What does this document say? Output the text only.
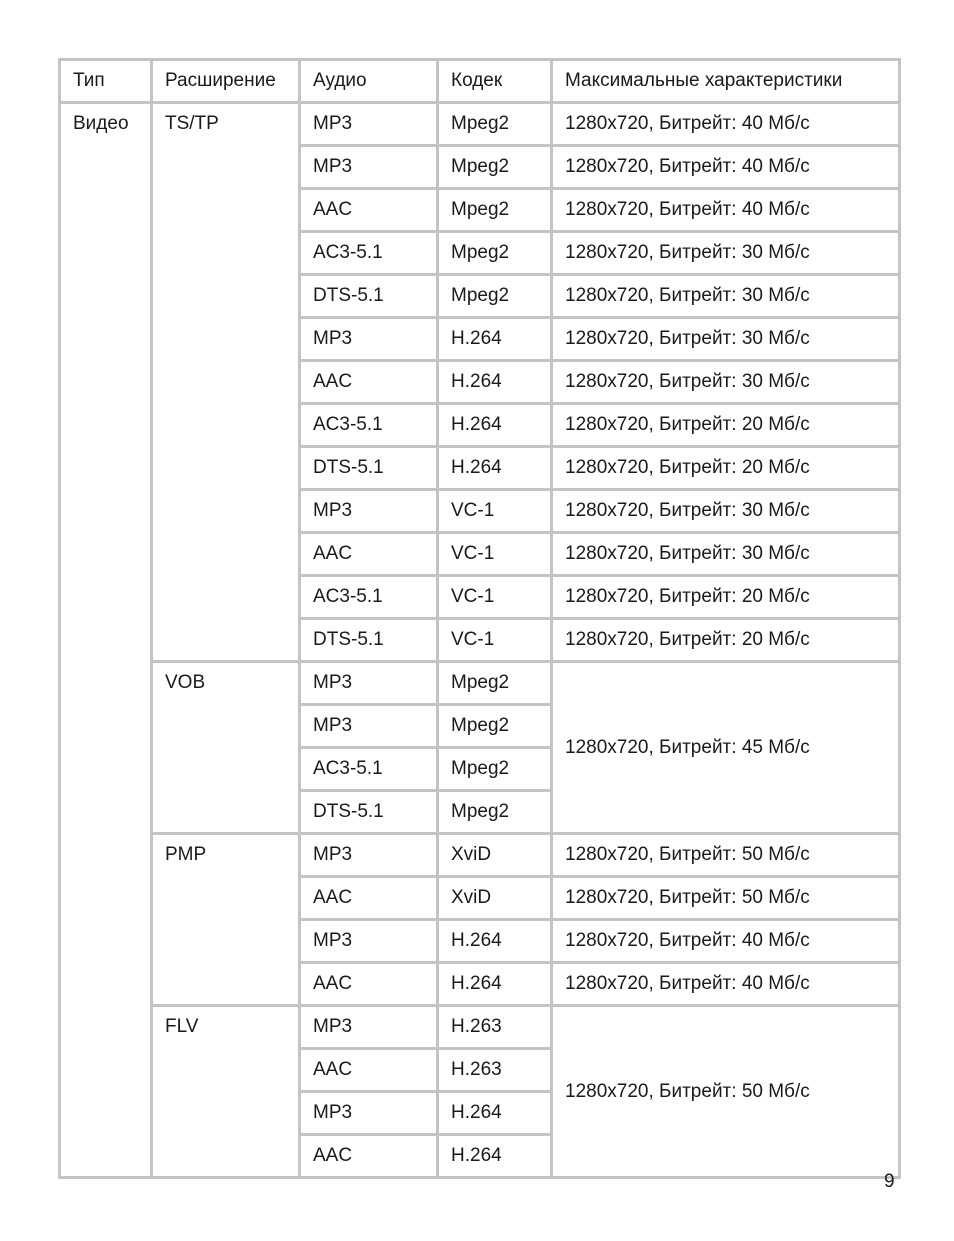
Тип	Расширение	Аудио	Кодек	Максимальные характеристики
Видео	TS/TP	MP3	Mpeg2	1280x720, Битрейт: 40 Мб/с
		MP3	Mpeg2	1280x720, Битрейт: 40 Мб/с
		AAC	Mpeg2	1280x720, Битрейт: 40 Мб/с
		AC3-5.1	Mpeg2	1280x720, Битрейт: 30 Мб/с
		DTS-5.1	Mpeg2	1280x720, Битрейт: 30 Мб/с
		MP3	H.264	1280x720, Битрейт: 30 Мб/с
		AAC	H.264	1280x720, Битрейт: 30 Мб/с
		AC3-5.1	H.264	1280x720, Битрейт: 20 Мб/с
		DTS-5.1	H.264	1280x720, Битрейт: 20 Мб/с
		MP3	VC-1	1280x720, Битрейт: 30 Мб/с
		AAC	VC-1	1280x720, Битрейт: 30 Мб/с
		AC3-5.1	VC-1	1280x720, Битрейт: 20 Мб/с
		DTS-5.1	VC-1	1280x720, Битрейт: 20 Мб/с
	VOB	MP3	Mpeg2	1280x720, Битрейт: 45 Мб/с
		MP3	Mpeg2	
		AC3-5.1	Mpeg2	
		DTS-5.1	Mpeg2	
	PMP	MP3	XviD	1280x720, Битрейт: 50 Мб/с
		AAC	XviD	1280x720, Битрейт: 50 Мб/с
		MP3	H.264	1280x720, Битрейт: 40 Мб/с
		AAC	H.264	1280x720, Битрейт: 40 Мб/с
	FLV	MP3	H.263	1280x720, Битрейт: 50 Мб/с
		AAC	H.263	
		MP3	H.264	
		AAC	H.264	
9
